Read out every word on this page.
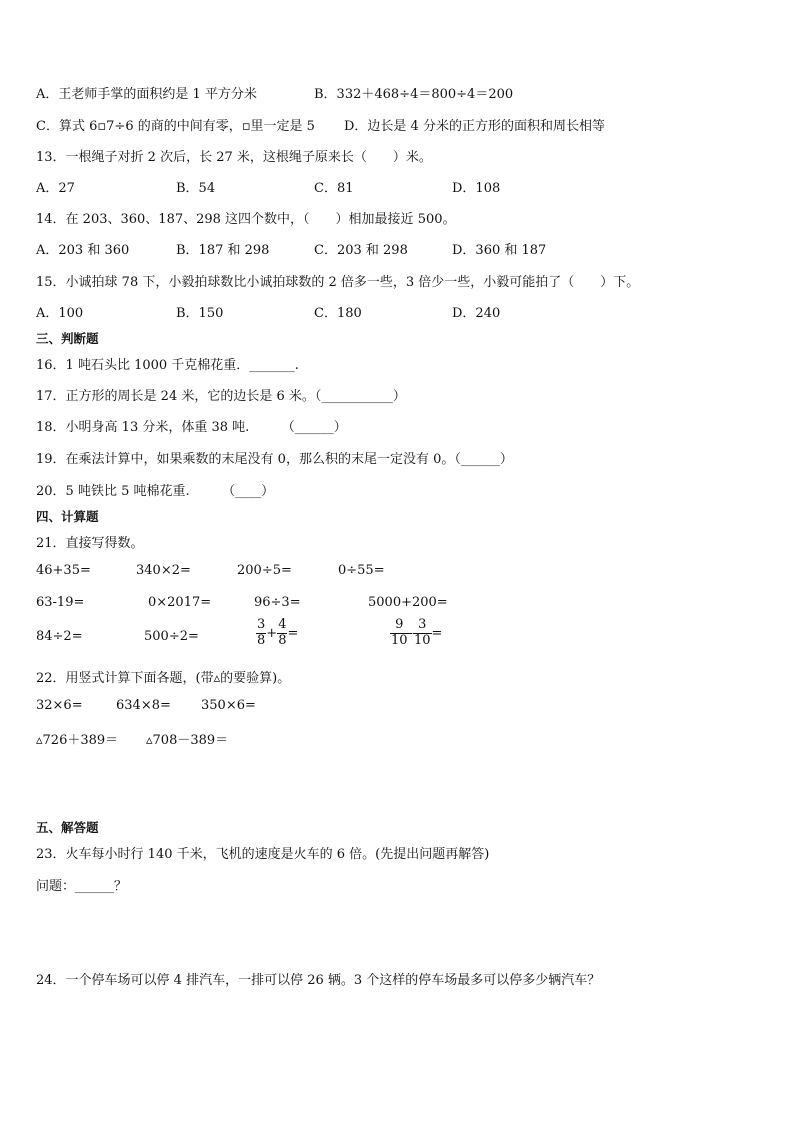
A．王老师手掌的面积约是 1 平方分米	B．332＋468÷4＝800÷4＝200
C．算式 6▫7÷6 的商的中间有零，▫里一定是 5 D．边长是 4 分米的正方形的面积和周长相等
13．一根绳子对折 2 次后，长 27 米，这根绳子原来长（　　）米。
A．27	B．54	C．81	D．108
14．在 203、360、187、298 这四个数中，（　　）相加最接近 500。
A．203 和 360	B．187 和 298	C．203 和 298	D．360 和 187
15．小诚拍球 78 下，小毅拍球数比小诚拍球数的 2 倍多一些，3 倍少一些，小毅可能拍了（　　）下。
A．100	B．150	C．180	D．240
三、判断题
16．1 吨石头比 1000 千克棉花重．_______.
17．正方形的周长是 24 米，它的边长是 6 米。（___________）
18．小明身高 13 分米，体重 38 吨.　　　（______）
19．在乘法计算中，如果乘数的末尾没有 0，那么积的末尾一定没有 0。（______）
20．5 吨铁比 5 吨棉花重.　　　（____）
四、计算题
21．直接写得数。
46+35=	340×2=	200÷5=	0÷55=
63-19=	0×2017=	96÷3=	5000+200=
84÷2=	500÷2=	$\frac{3}{8} + \frac{4}{8}$ =	$\frac{9}{10} - \frac{3}{10}$ =
22．用竖式计算下面各题，(带▵的要验算)。
32×6=	634×8= 350×6=
▵726＋389＝ ▵708－389＝
五、解答题
23．火车每小时行 140 千米，飞机的速度是火车的 6 倍。(先提出问题再解答)
问题：______？
24．一个停车场可以停 4 排汽车，一排可以停 26 辆。3 个这样的停车场最多可以停多少辆汽车？
